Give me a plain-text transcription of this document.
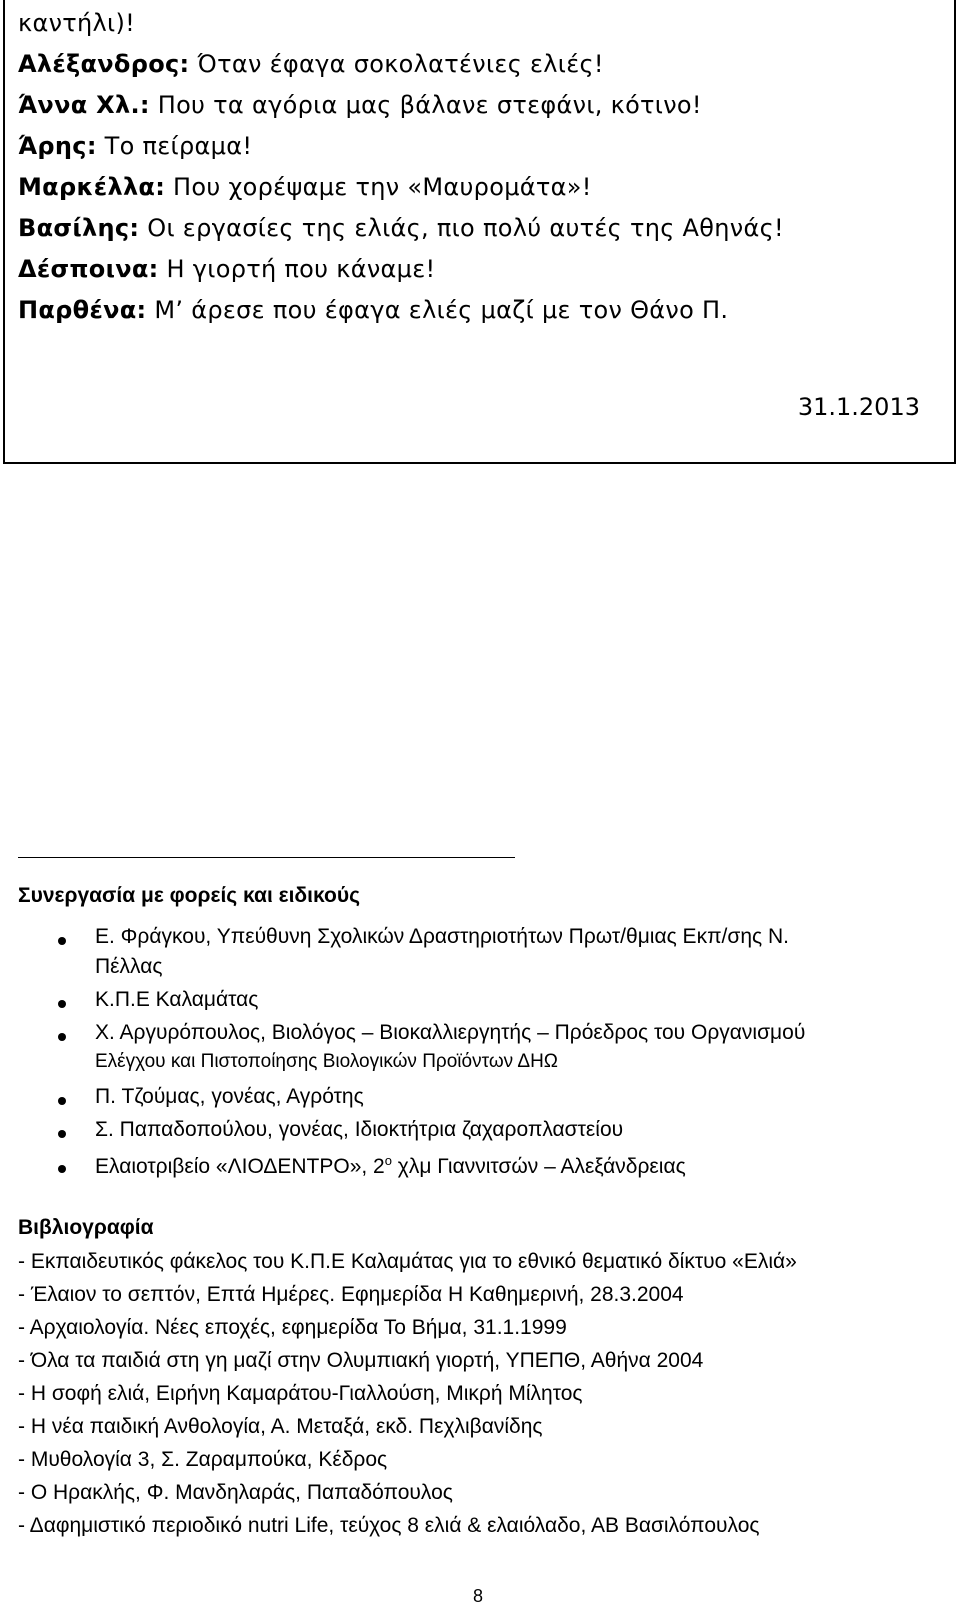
καντήλι)!
Αλέξανδρος: Όταν έφαγα σοκολατένιες ελιές!
Άννα Χλ.: Που τα αγόρια μας βάλανε στεφάνι, κότινο!
Άρης: Το πείραμα!
Μαρκέλλα: Που χορέψαμε την «Μαυρομάτα»!
Βασίλης: Οι εργασίες της ελιάς, πιο πολύ αυτές της Αθηνάς!
Δέσποινα: Η γιορτή που κάναμε!
Παρθένα: Μ’ άρεσε που έφαγα ελιές μαζί με τον Θάνο Π.
31.1.2013
Συνεργασία με φορείς και ειδικούς
Ε. Φράγκου, Υπεύθυνη Σχολικών Δραστηριοτήτων Πρωτ/θμιας Εκπ/σης Ν.
Πέλλας
Κ.Π.Ε Καλαμάτας
Χ. Αργυρόπουλος, Βιολόγος – Βιοκαλλιεργητής – Πρόεδρος του Οργανισμού
Ελέγχου και Πιστοποίησης Βιολογικών Προϊόντων ΔΗΩ
Π. Τζούμας, γονέας, Αγρότης
Σ. Παπαδοπούλου, γονέας, Ιδιοκτήτρια ζαχαροπλαστείου
Ελαιοτριβείο «ΛΙΟΔΕΝΤΡΟ», $2^o$ χλμ Γιαννιτσών – Αλεξάνδρειας
Βιβλιογραφία
- Εκπαιδευτικός φάκελος του Κ.Π.Ε Καλαμάτας για το εθνικό θεματικό δίκτυο «Ελιά»
- Έλαιον το σεπτόν, Επτά Ημέρες. Εφημερίδα Η Καθημερινή, 28.3.2004
- Αρχαιολογία. Νέες εποχές, εφημερίδα Το Βήμα, 31.1.1999
- Όλα τα παιδιά στη γη μαζί στην Ολυμπιακή γιορτή, ΥΠΕΠΘ, Αθήνα 2004
- Η σοφή ελιά, Ειρήνη Καμαράτου-Γιαλλούση, Μικρή Μίλητος
- Η νέα παιδική Ανθολογία, Α. Μεταξά, εκδ. Πεχλιβανίδης
- Μυθολογία 3, Σ. Ζαραμπούκα, Κέδρος
- Ο Ηρακλής, Φ. Μανδηλαράς, Παπαδόπουλος
- Δαφημιστικό περιοδικό nutri Life, τεύχος 8 ελιά & ελαιόλαδο, ΑΒ Βασιλόπουλος
8
